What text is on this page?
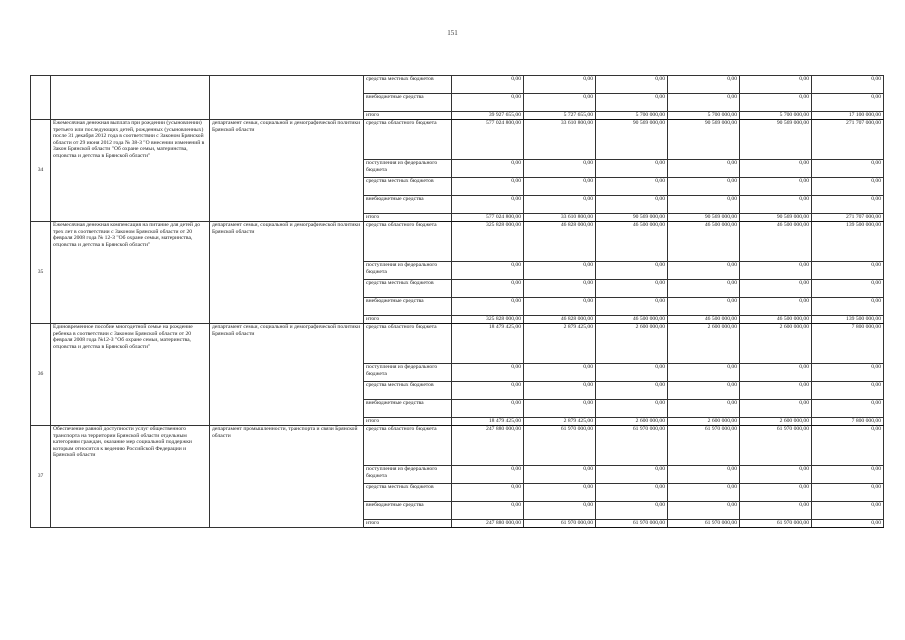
151
			средства местных бюджетов	0,00	0,00	0,00	0,00	0,00	0,00
			внебюджетные средства	0,00	0,00	0,00	0,00	0,00	0,00
			итого	39 927 655,00	5 727 655,00	5 700 000,00	5 700 000,00	5 700 000,00	17 100 000,00
34	Ежемесячная денежная выплата при рождении (усыновлении) третьего или последующих детей, рожденных (усыновленных) после 31 декабря 2012 года в соответствии с Законом Брянской области от 29 июня 2012 года № 38-З "О внесении изменений в Закон Брянской области "Об охране семьи, материнства, отцовства и детства в Брянской области"	департамент семьи, социальной и демографической политики Брянской области	средства областного бюджета	577 024 800,00	33 610 800,00	90 569 000,00	90 569 000,00	90 569 000,00	271 707 000,00
			поступления из федерального бюджета	0,00	0,00	0,00	0,00	0,00	0,00
			средства местных бюджетов	0,00	0,00	0,00	0,00	0,00	0,00
			внебюджетные средства	0,00	0,00	0,00	0,00	0,00	0,00
			итого	577 024 800,00	33 610 800,00	90 569 000,00	90 569 000,00	90 569 000,00	271 707 000,00
35	Ежемесячная денежная компенсация на питание для детей до трех лет в соответствии с Законом Брянской области от 20 февраля 2008 года № 12-З "Об охране семьи, материнства, отцовства и детства в Брянской области"	департамент семьи, социальной и демографической политики Брянской области	средства областного бюджета	325 828 000,00	46 828 000,00	46 500 000,00	46 500 000,00	46 500 000,00	139 500 000,00
			поступления из федерального бюджета	0,00	0,00	0,00	0,00	0,00	0,00
			средства местных бюджетов	0,00	0,00	0,00	0,00	0,00	0,00
			внебюджетные средства	0,00	0,00	0,00	0,00	0,00	0,00
			итого	325 828 000,00	46 828 000,00	46 500 000,00	46 500 000,00	46 500 000,00	139 500 000,00
36	Единовременное пособие многодетной семье на рождение ребенка в соответствии с Законом Брянской области от 20 февраля 2008 года №12-З "Об охране семьи, материнства, отцовства и детства в Брянской области"	департамент семьи, социальной и демографической политики Брянской области	средства областного бюджета	18 479 425,00	2 879 425,00	2 600 000,00	2 600 000,00	2 600 000,00	7 800 000,00
			поступления из федерального бюджета	0,00	0,00	0,00	0,00	0,00	0,00
			средства местных бюджетов	0,00	0,00	0,00	0,00	0,00	0,00
			внебюджетные средства	0,00	0,00	0,00	0,00	0,00	0,00
			итого	18 479 425,00	2 879 425,00	2 600 000,00	2 600 000,00	2 600 000,00	7 800 000,00
37	Обеспечение равной доступности услуг общественного транспорта на территории Брянской области отдельным категориям граждан, оказание мер социальной поддержки которым относится к ведению Российской Федерации и Брянской области	департамент промышленности, транспорта и связи Брянской области	средства областного бюджета	247 880 000,00	61 970 000,00	61 970 000,00	61 970 000,00	61 970 000,00	0,00
			поступления из федерального бюджета	0,00	0,00	0,00	0,00	0,00	0,00
			средства местных бюджетов	0,00	0,00	0,00	0,00	0,00	0,00
			внебюджетные средства	0,00	0,00	0,00	0,00	0,00	0,00
			итого	247 880 000,00	61 970 000,00	61 970 000,00	61 970 000,00	61 970 000,00	0,00
